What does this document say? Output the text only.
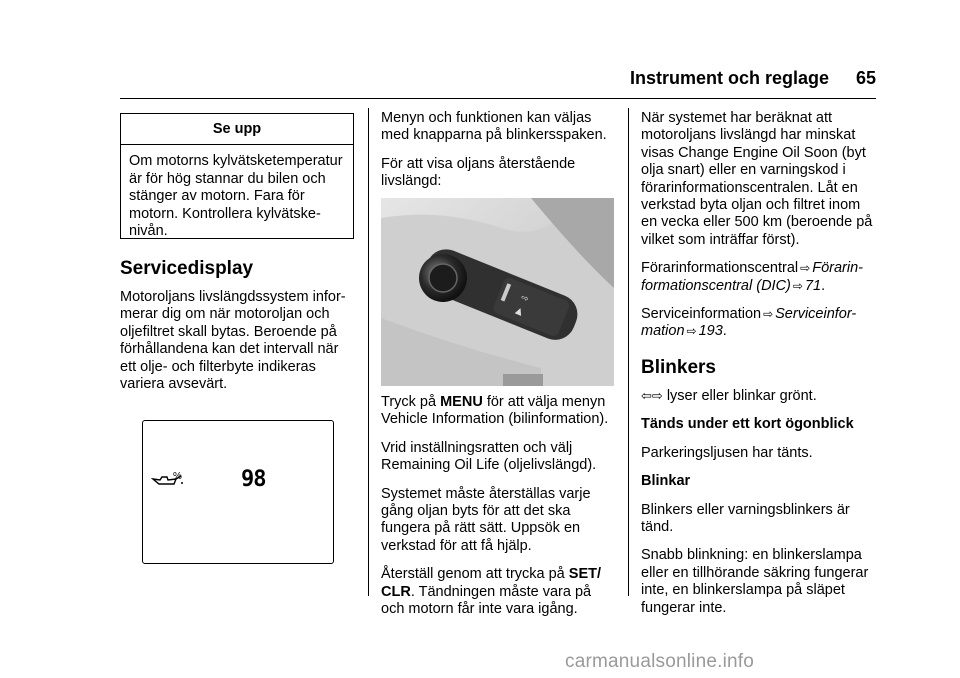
Instrument och reglage	65
Se upp
Om motorns kylvätsketemperatur är för hög stannar du bilen och stänger av motorn. Fara för motorn. Kontrollera kylvätske-nivån.
Servicedisplay

Motoroljans livslängdssystem infor-merar dig om när motoroljan och oljefiltret skall bytas. Beroende på förhållandena kan det intervall när ett olje- och filterbyte indikeras variera avsevärt.

%	98

Menyn och funktionen kan väljas med knapparna på blinkersspaken.

För att visa oljans återstående livslängd:

⇨
▲

Tryck på MENU för att välja menyn Vehicle Information (bilinformation).

Vrid inställningsratten och välj Remaining Oil Life (oljelivslängd).

Systemet måste återställas varje gång oljan byts för att det ska fungera på rätt sätt. Uppsök en verkstad för att få hjälp.

Återställ genom att trycka på SET/ CLR. Tändningen måste vara på och motorn får inte vara igång.

När systemet har beräknat att motoroljans livslängd har minskat visas Change Engine Oil Soon (byt olja snart) eller en varningskod i förarinformationscentralen. Låt en verkstad byta oljan och filtret inom en vecka eller 500 km (beroende på vilket som inträffar först).

Förarinformationscentral ⇨ Förarin-formationscentral (DIC) ⇨ 71.

Serviceinformation ⇨ Serviceinfor-mation ⇨ 193.

Blinkers

⇦⇨ lyser eller blinkar grönt.

Tänds under ett kort ögonblick

Parkeringsljusen har tänts.

Blinkar

Blinkers eller varningsblinkers är tänd.

Snabb blinkning: en blinkerslampa eller en tillhörande säkring fungerar inte, en blinkerslampa på släpet fungerar inte.

carmanualsonline.info
